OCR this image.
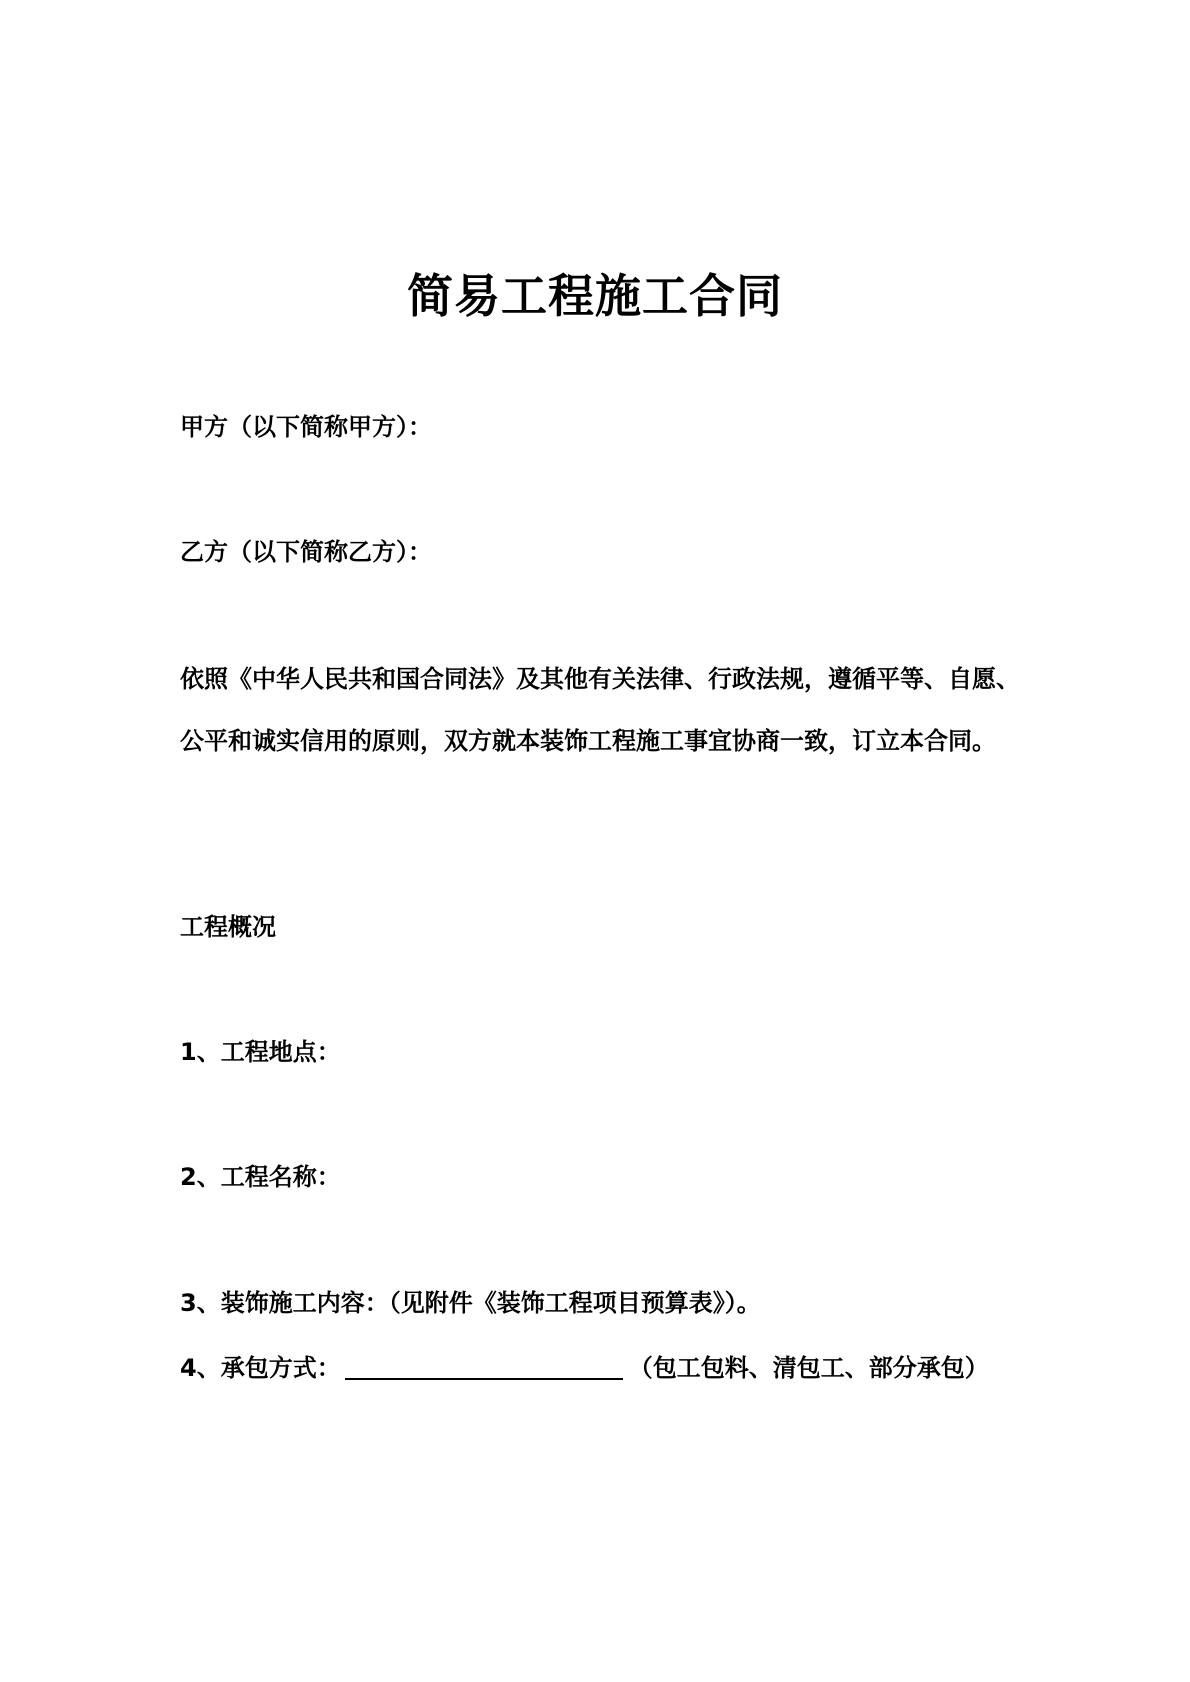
简易工程施工合同
甲方（以下简称甲方）：
乙方（以下简称乙方）：
依照《中华人民共和国合同法》及其他有关法律、行政法规，遵循平等、自愿、公平和诚实信用的原则，双方就本装饰工程施工事宜协商一致，订立本合同。
工程概况
1、工程地点：
2、工程名称：
3、装饰施工内容：（见附件《装饰工程项目预算表》）。
4、承包方式：	（包工包料、清包工、部分承包）
